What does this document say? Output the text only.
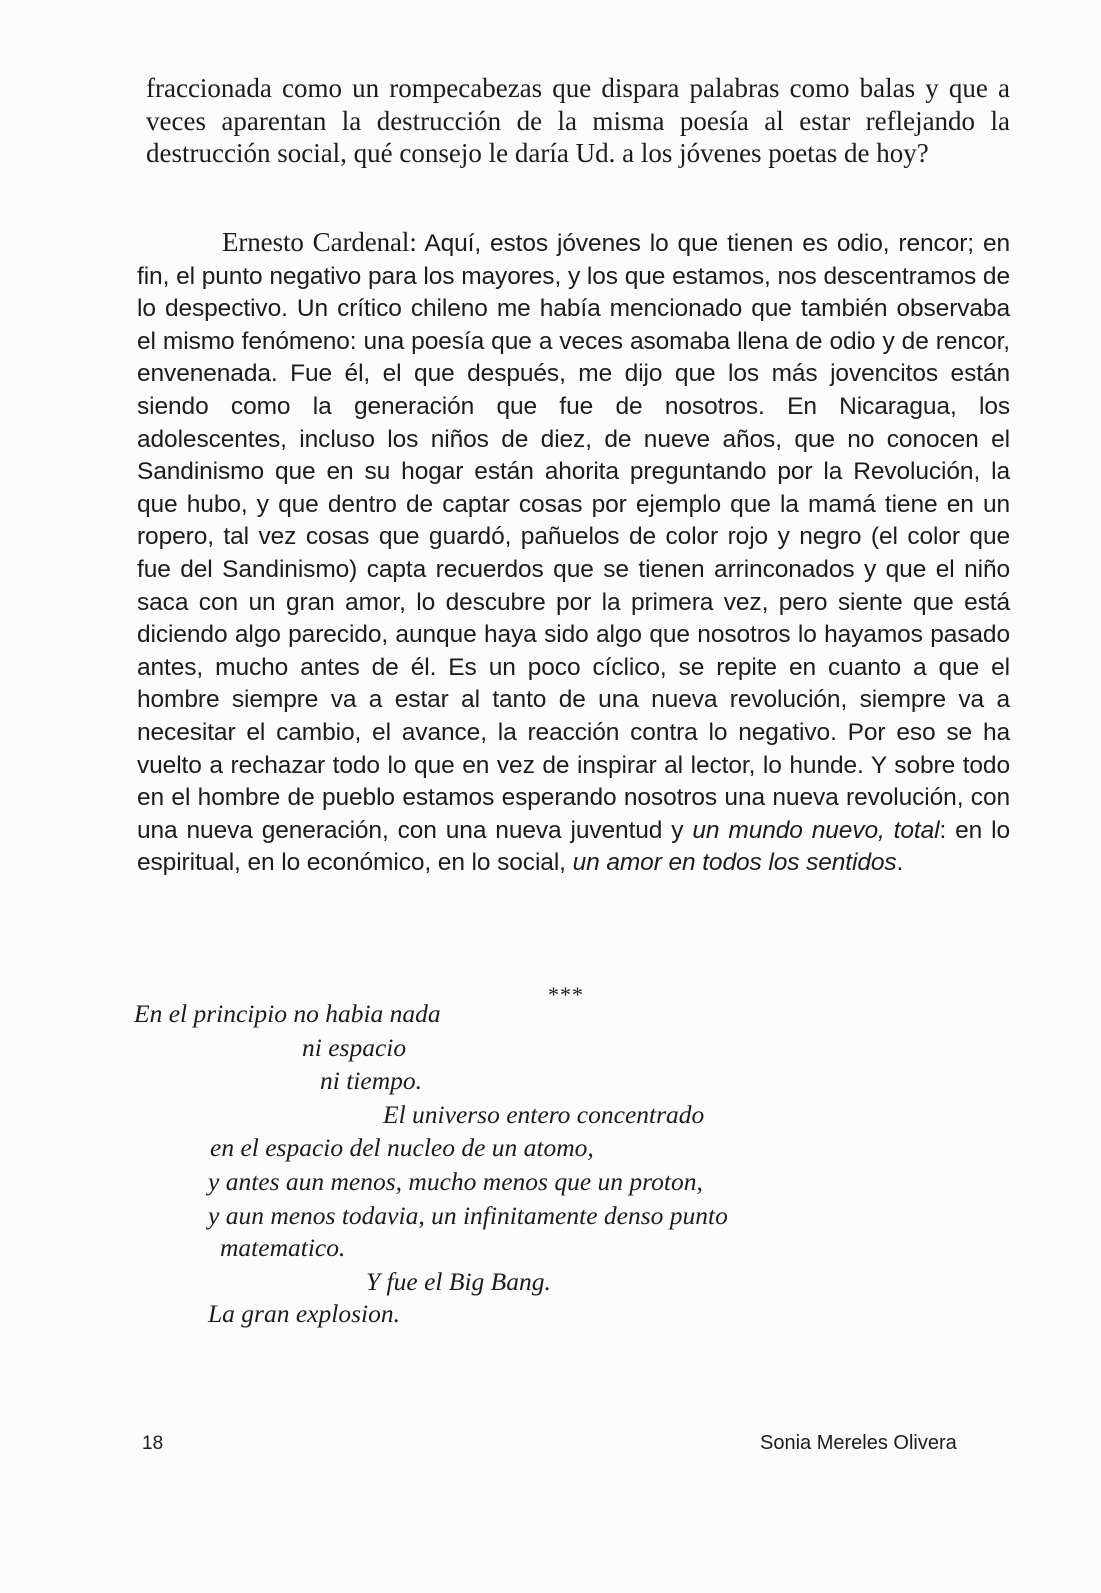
fraccionada como un rompecabezas que dispara palabras como balas y que a veces aparentan la destrucción de la misma poesía al estar reflejando la destrucción social, qué consejo le daría Ud. a los jóvenes poetas de hoy?

Ernesto Cardenal: Aquí, estos jóvenes lo que tienen es odio, rencor; en fin, el punto negativo para los mayores, y los que estamos, nos descentramos de lo despectivo. Un crítico chileno me había mencionado que también observaba el mismo fenómeno: una poesía que a veces asomaba llena de odio y de rencor, envenenada. Fue él, el que después, me dijo que los más jovencitos están siendo como la generación que fue de nosotros. En Nicaragua, los adolescentes, incluso los niños de diez, de nueve años, que no conocen el Sandinismo que en su hogar están ahorita preguntando por la Revolución, la que hubo, y que dentro de captar cosas por ejemplo que la mamá tiene en un ropero, tal vez cosas que guardó, pañuelos de color rojo y negro (el color que fue del Sandinismo) capta recuerdos que se tienen arrinconados y que el niño saca con un gran amor, lo descubre por la primera vez, pero siente que está diciendo algo parecido, aunque haya sido algo que nosotros lo hayamos pasado antes, mucho antes de él. Es un poco cíclico, se repite en cuanto a que el hombre siempre va a estar al tanto de una nueva revolución, siempre va a necesitar el cambio, el avance, la reacción contra lo negativo. Por eso se ha vuelto a rechazar todo lo que en vez de inspirar al lector, lo hunde. Y sobre todo en el hombre de pueblo estamos esperando nosotros una nueva revolución, con una nueva generación, con una nueva juventud y un mundo nuevo, total: en lo espiritual, en lo económico, en lo social, un amor en todos los sentidos.

***

En el principio no habia nada

ni espacio

ni tiempo.

El universo entero concentrado

en el espacio del nucleo de un atomo,

y antes aun menos, mucho menos que un proton,

y aun menos todavia, un infinitamente denso punto

matematico.

Y fue el Big Bang.

La gran explosion.

18	Sonia Mereles Olivera
